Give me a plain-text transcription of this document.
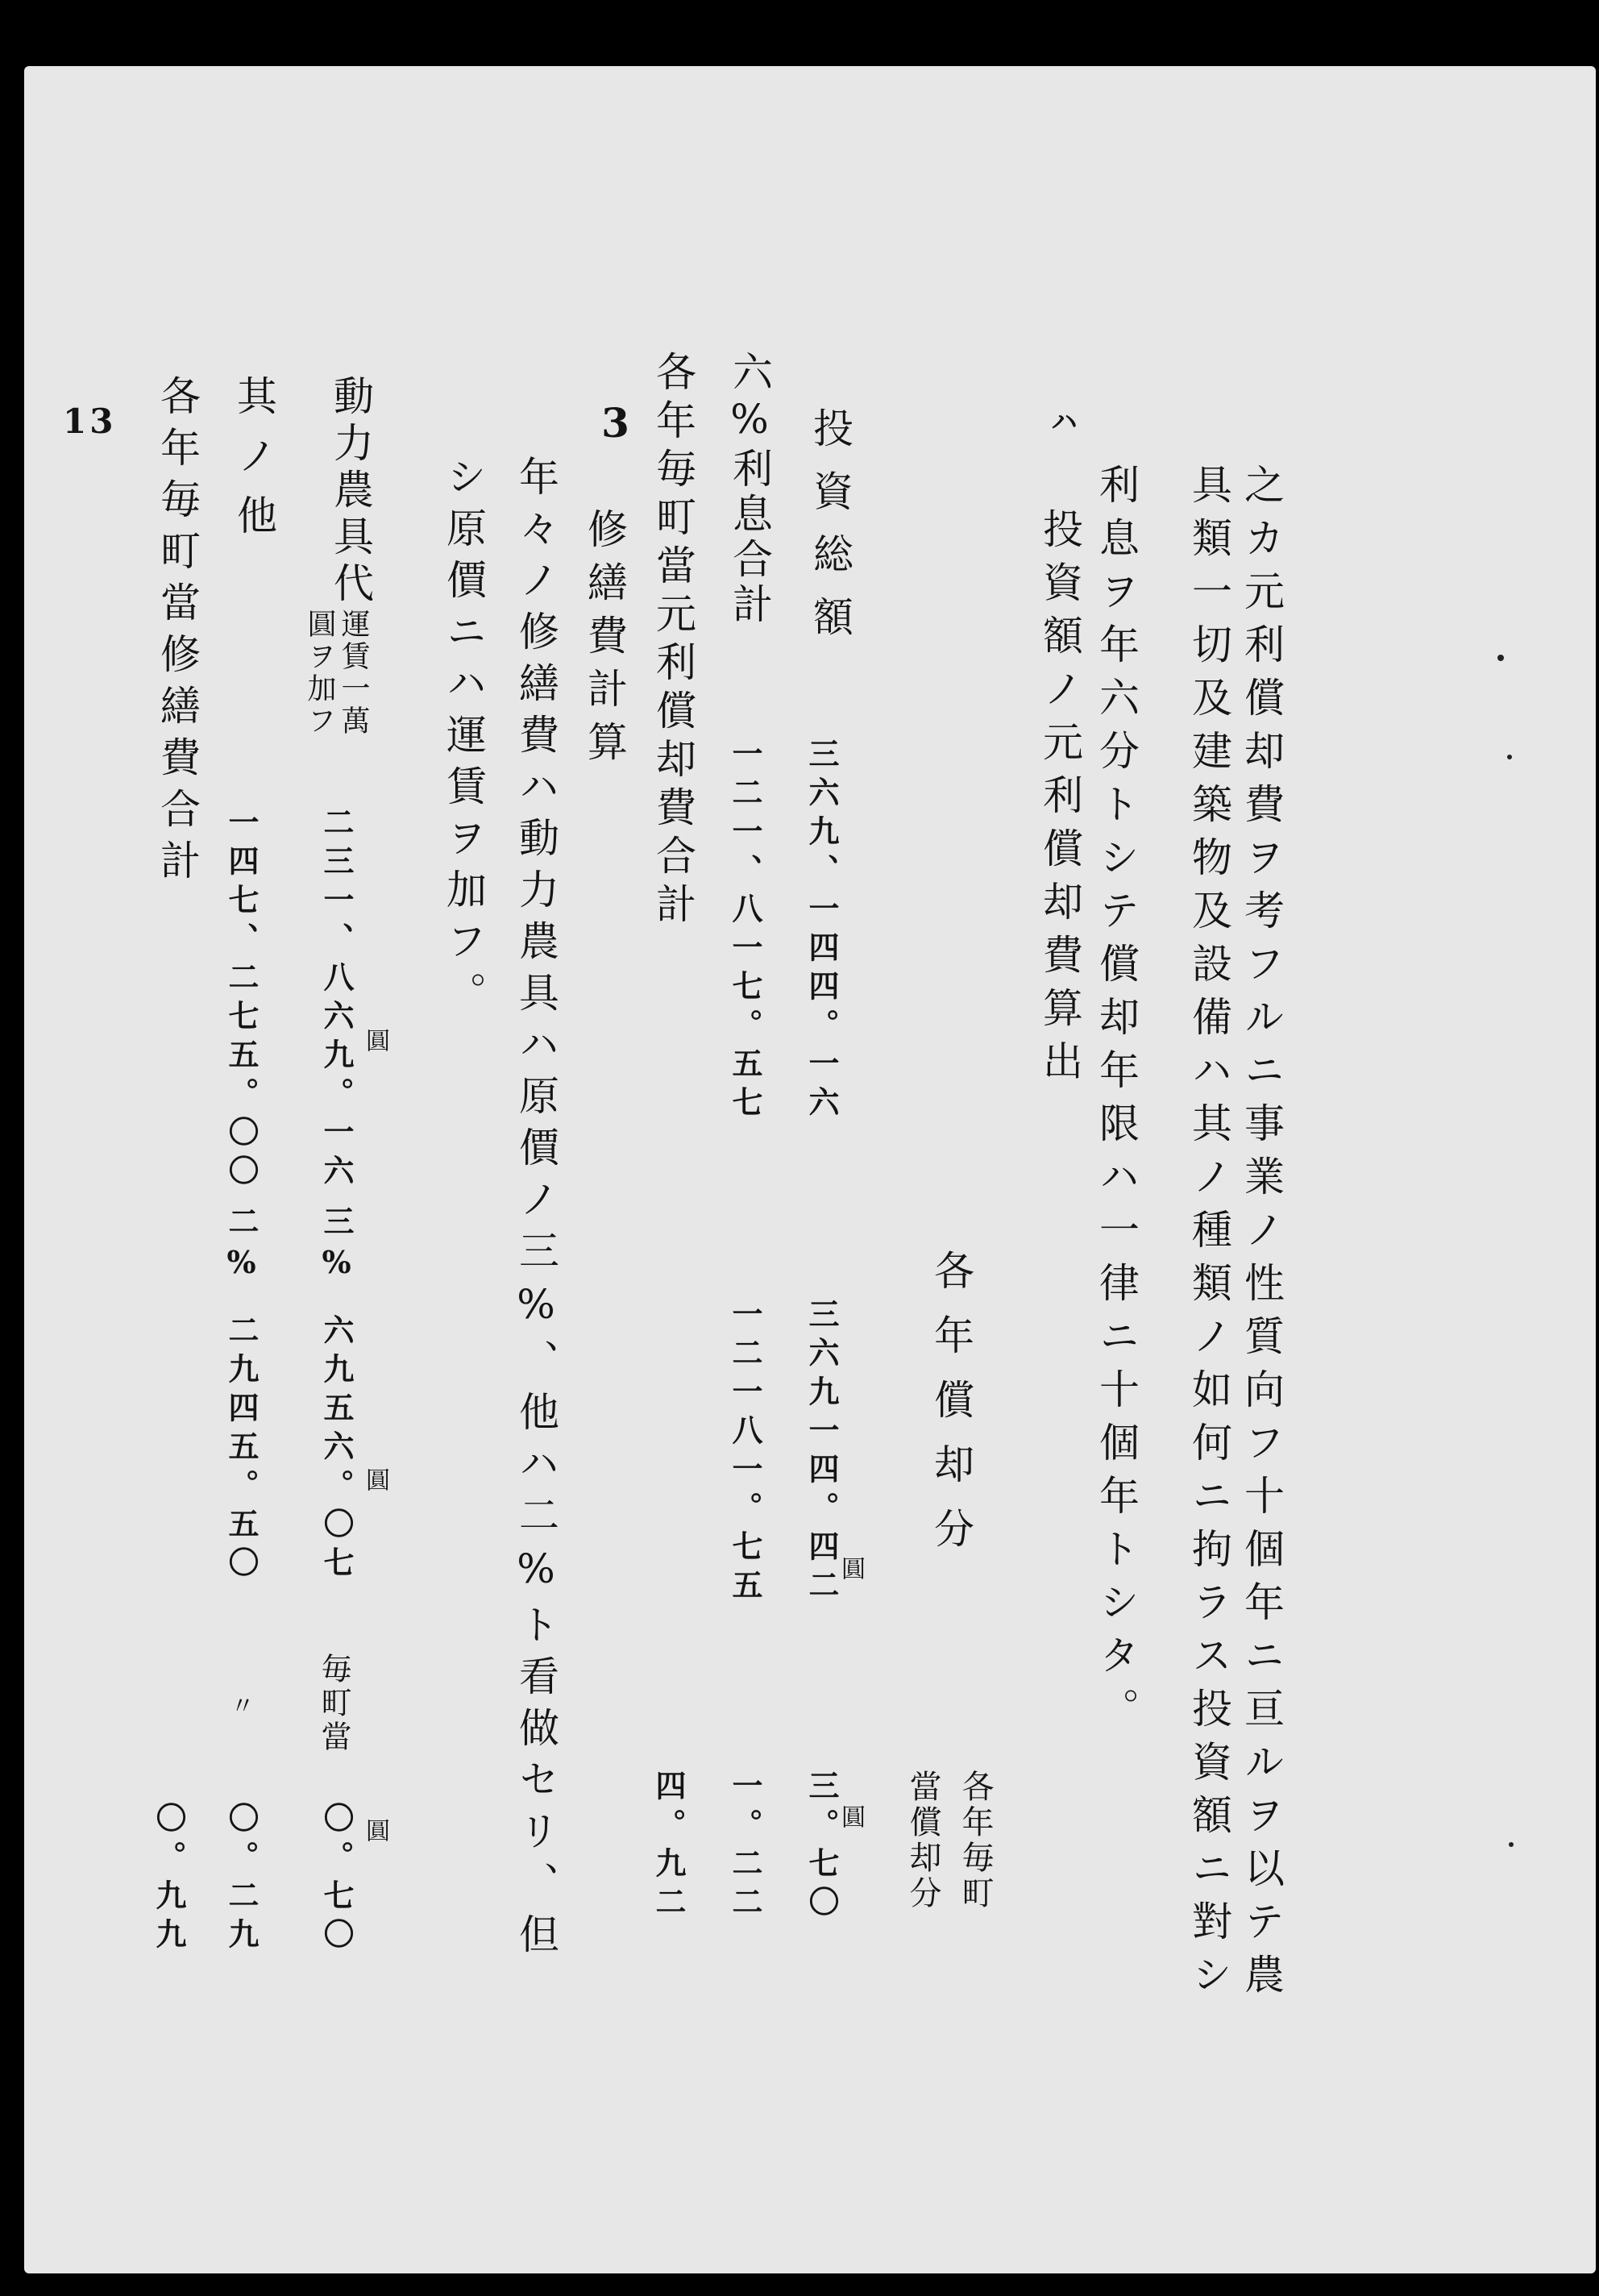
之カ元利償却費ヲ考フルニ事業ノ性質向フ十個年ニ亘ルヲ以テ農
具類一切及建築物及設備ハ其ノ種類ノ如何ニ拘ラス投資額ニ對シ
利息ヲ年六分トシテ償却年限ハ一律ニ十個年トシタ。
ハ
投資額ノ元利償却費算出
各年償却分
各年毎町
當償却分
投資総額
三六九、一四四。一六
三六九一四。四二
圓
三。七〇
圓
六%利息合計
一二一、八一七。五七
一二一八一。七五
一。二二
各年毎町當元利償却費合計
四。九二
3
修繕費計算
年々ノ修繕費ハ動力農具ハ原價ノ三%、他ハ二%ト看做セリ、但
シ原價ニハ運賃ヲ加フ。
動力農具代
運賃一萬
圓ヲ加フ
二三一、八六九。一六 圓
三%
六九五六。〇七 圓
毎町當
〇。七〇 圓
其ノ他
一四七、二七五。〇〇
二%
二九四五。五〇
〃
〇。二九
各年毎町當修繕費合計
〇。九九
13
